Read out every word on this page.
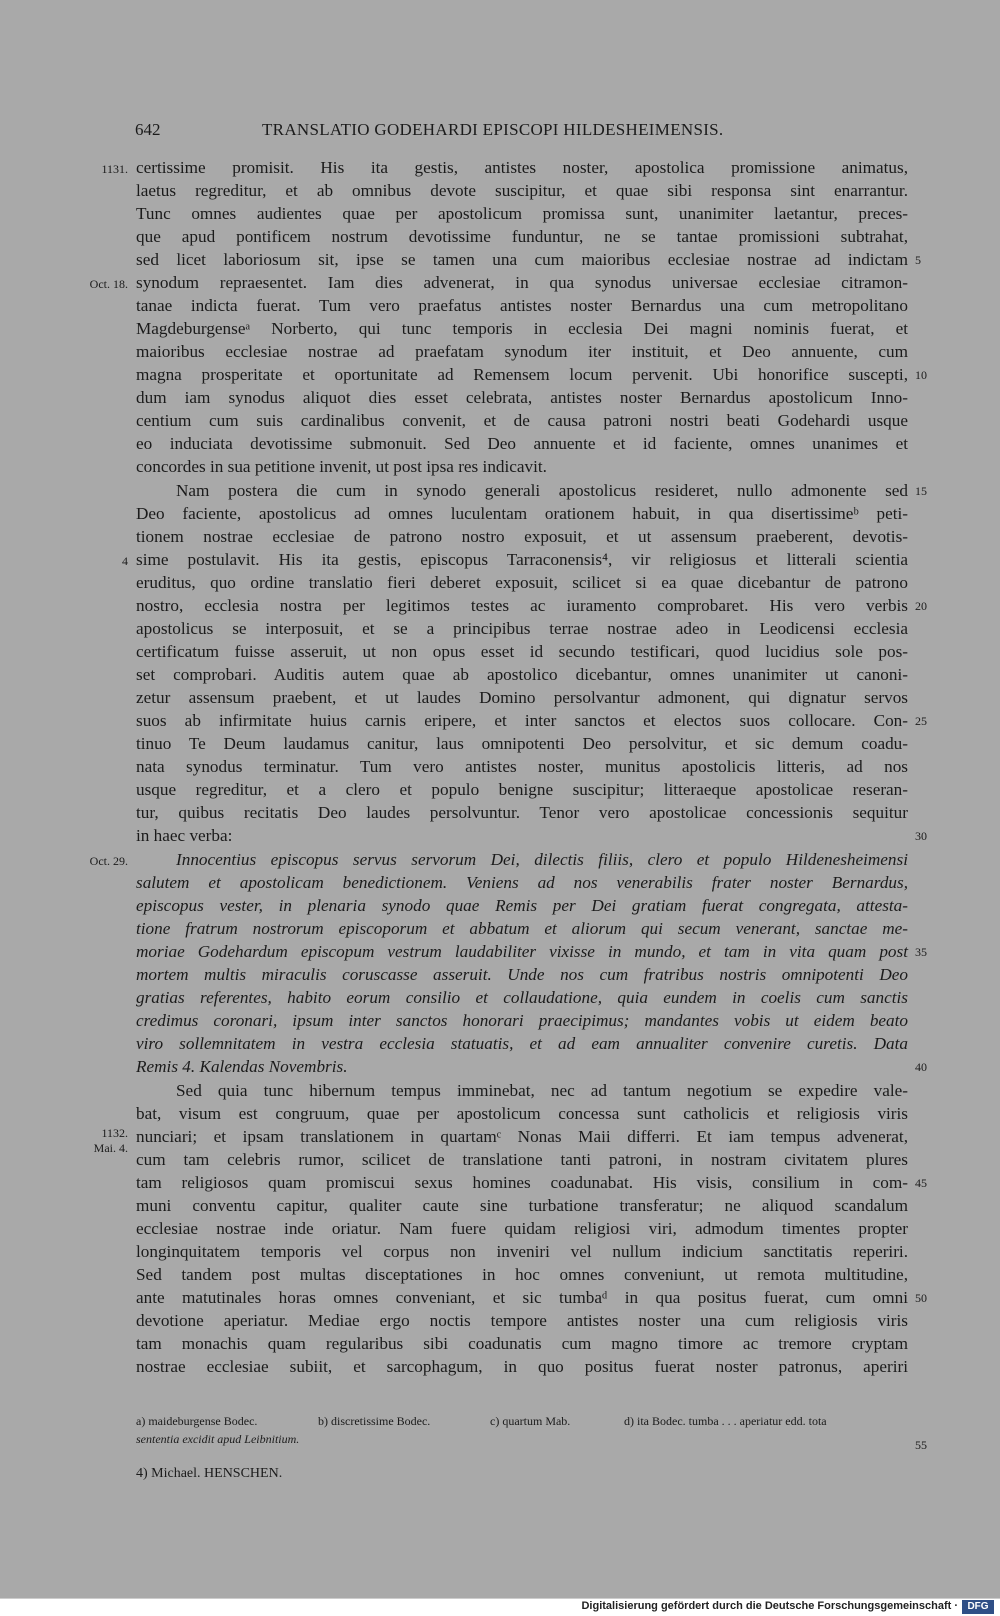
642	TRANSLATIO GODEHARDI EPISCOPI HILDESHEIMENSIS.
certissime promisit. His ita gestis, antistes noster, apostolica promissione animatus,
laetus regreditur, et ab omnibus devote suscipitur, et quae sibi responsa sint enarrantur.
Tunc omnes audientes quae per apostolicum promissa sunt, unanimiter laetantur, preces-
que apud pontificem nostrum devotissime funduntur, ne se tantae promissioni subtrahat,
sed licet laboriosum sit, ipse se tamen una cum maioribus ecclesiae nostrae ad indictam
synodum repraesentet. Iam dies advenerat, in qua synodus universae ecclesiae citramon-
tanae indicta fuerat. Tum vero praefatus antistes noster Bernardus una cum metropolitano
Magdeburgenseᵃ Norberto, qui tunc temporis in ecclesia Dei magni nominis fuerat, et
maioribus ecclesiae nostrae ad praefatam synodum iter instituit, et Deo annuente, cum
magna prosperitate et oportunitate ad Remensem locum pervenit. Ubi honorifice suscepti,
dum iam synodus aliquot dies esset celebrata, antistes noster Bernardus apostolicum Inno-
centium cum suis cardinalibus convenit, et de causa patroni nostri beati Godehardi usque
eo induciata devotissime submonuit. Sed Deo annuente et id faciente, omnes unanimes et
concordes in sua petitione invenit, ut post ipsa res indicavit.
Nam postera die cum in synodo generali apostolicus resideret, nullo admonente sed
Deo faciente, apostolicus ad omnes luculentam orationem habuit, in qua disertissimeᵇ peti-
tionem nostrae ecclesiae de patrono nostro exposuit, et ut assensum praeberent, devotis-
sime postulavit. His ita gestis, episcopus Tarraconensis⁴, vir religiosus et litterali scientia
eruditus, quo ordine translatio fieri deberet exposuit, scilicet si ea quae dicebantur de patrono
nostro, ecclesia nostra per legitimos testes ac iuramento comprobaret. His vero verbis
apostolicus se interposuit, et se a principibus terrae nostrae adeo in Leodicensi ecclesia
certificatum fuisse asseruit, ut non opus esset id secundo testificari, quod lucidius sole pos-
set comprobari. Auditis autem quae ab apostolico dicebantur, omnes unanimiter ut canoni-
zetur assensum praebent, et ut laudes Domino persolvantur admonent, qui dignatur servos
suos ab infirmitate huius carnis eripere, et inter sanctos et electos suos collocare. Con-
tinuo Te Deum laudamus canitur, laus omnipotenti Deo persolvitur, et sic demum coadu-
nata synodus terminatur. Tum vero antistes noster, munitus apostolicis litteris, ad nos
usque regreditur, et a clero et populo benigne suscipitur; litteraeque apostolicae reseran-
tur, quibus recitatis Deo laudes persolvuntur. Tenor vero apostolicae concessionis sequitur
in haec verba:
Innocentius episcopus servus servorum Dei, dilectis filiis, clero et populo Hildenesheimensi
salutem et apostolicam benedictionem. Veniens ad nos venerabilis frater noster Bernardus,
episcopus vester, in plenaria synodo quae Remis per Dei gratiam fuerat congregata, attesta-
tione fratrum nostrorum episcoporum et abbatum et aliorum qui secum venerant, sanctae me-
moriae Godehardum episcopum vestrum laudabiliter vixisse in mundo, et tam in vita quam post
mortem multis miraculis coruscasse asseruit. Unde nos cum fratribus nostris omnipotenti Deo
gratias referentes, habito eorum consilio et collaudatione, quia eundem in coelis cum sanctis
credimus coronari, ipsum inter sanctos honorari praecipimus; mandantes vobis ut eidem beato
viro sollemnitatem in vestra ecclesia statuatis, et ad eam annualiter convenire curetis. Data
Remis 4. Kalendas Novembris.
Sed quia tunc hibernum tempus imminebat, nec ad tantum negotium se expedire vale-
bat, visum est congruum, quae per apostolicum concessa sunt catholicis et religiosis viris
nunciari; et ipsam translationem in quartamᶜ Nonas Maii differri. Et iam tempus advenerat,
cum tam celebris rumor, scilicet de translatione tanti patroni, in nostram civitatem plures
tam religiosos quam promiscui sexus homines coadunabat. His visis, consilium in com-
muni conventu capitur, qualiter caute sine turbatione transferatur; ne aliquod scandalum
ecclesiae nostrae inde oriatur. Nam fuere quidam religiosi viri, admodum timentes propter
longinquitatem temporis vel corpus non inveniri vel nullum indicium sanctitatis reperiri.
Sed tandem post multas disceptationes in hoc omnes conveniunt, ut remota multitudine,
ante matutinales horas omnes conveniant, et sic tumbaᵈ in qua positus fuerat, cum omni
devotione aperiatur. Mediae ergo noctis tempore antistes noster una cum religiosis viris
tam monachis quam regularibus sibi coadunatis cum magno timore ac tremore cryptam
nostrae ecclesiae subiit, et sarcophagum, in quo positus fuerat noster patronus, aperiri
1131.
Oct. 18.
4
Oct. 29.
1132.
Mai. 4.
5
10
15
20
25
30
35
40
45
50
55
a) maideburgense Bodec.	b) discretissime Bodec.	c) quartum Mab.	d) ita Bodec. tumba . . . aperiatur edd. tota
sententia excidit apud Leibnitium.
4) Michael. HENSCHEN.
Digitalisierung gefördert durch die Deutsche Forschungsgemeinschaft · DFG
